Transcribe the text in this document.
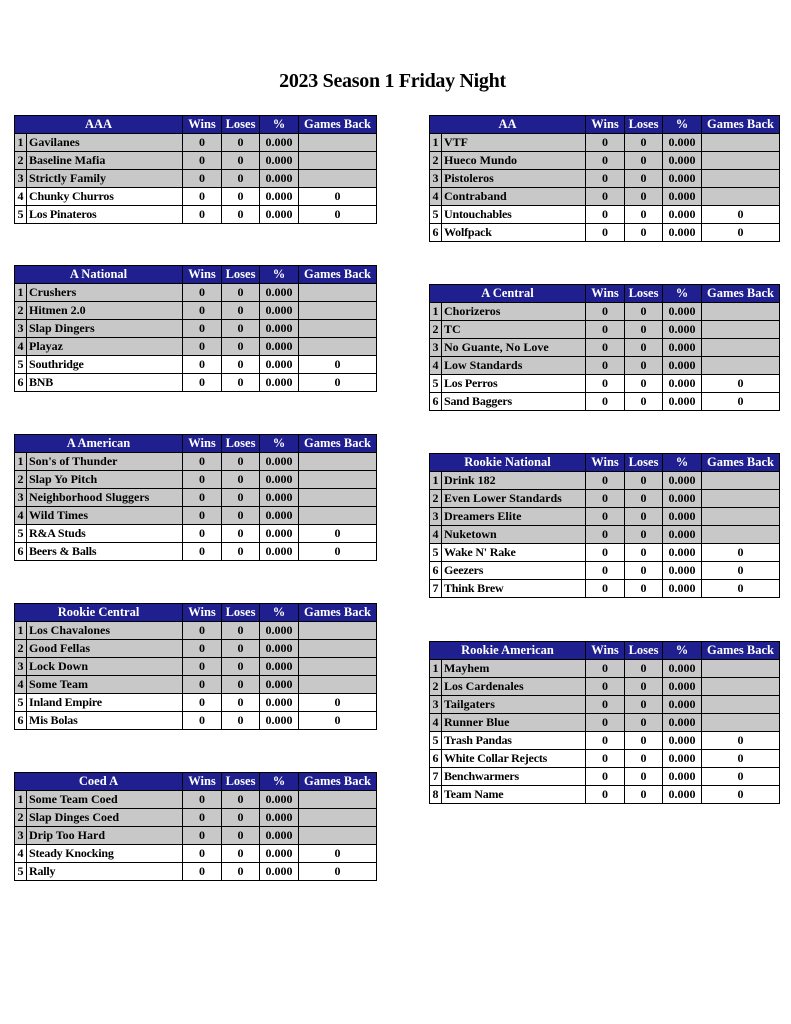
2023 Season 1 Friday Night
AAA		Wins	Loses	%	Games Back
1	Gavilanes	0	0	0.000	
2	Baseline Mafia	0	0	0.000	
3	Strictly Family	0	0	0.000	
4	Chunky Churros	0	0	0.000	0
5	Los Pinateros	0	0	0.000	0
A National		Wins	Loses	%	Games Back
1	Crushers	0	0	0.000	
2	Hitmen 2.0	0	0	0.000	
3	Slap Dingers	0	0	0.000	
4	Playaz	0	0	0.000	
5	Southridge	0	0	0.000	0
6	BNB	0	0	0.000	0
A American		Wins	Loses	%	Games Back
1	Son's of Thunder	0	0	0.000	
2	Slap Yo Pitch	0	0	0.000	
3	Neighborhood Sluggers	0	0	0.000	
4	Wild Times	0	0	0.000	
5	R&A Studs	0	0	0.000	0
6	Beers & Balls	0	0	0.000	0
Rookie Central		Wins	Loses	%	Games Back
1	Los Chavalones	0	0	0.000	
2	Good Fellas	0	0	0.000	
3	Lock Down	0	0	0.000	
4	Some Team	0	0	0.000	
5	Inland Empire	0	0	0.000	0
6	Mis Bolas	0	0	0.000	0
Coed A		Wins	Loses	%	Games Back
1	Some Team Coed	0	0	0.000	
2	Slap Dinges Coed	0	0	0.000	
3	Drip Too Hard	0	0	0.000	
4	Steady Knocking	0	0	0.000	0
5	Rally	0	0	0.000	0
AA		Wins	Loses	%	Games Back
1	VTF	0	0	0.000	
2	Hueco Mundo	0	0	0.000	
3	Pistoleros	0	0	0.000	
4	Contraband	0	0	0.000	
5	Untouchables	0	0	0.000	0
6	Wolfpack	0	0	0.000	0
A Central		Wins	Loses	%	Games Back
1	Chorizeros	0	0	0.000	
2	TC	0	0	0.000	
3	No Guante, No Love	0	0	0.000	
4	Low Standards	0	0	0.000	
5	Los Perros	0	0	0.000	0
6	Sand Baggers	0	0	0.000	0
Rookie National		Wins	Loses	%	Games Back
1	Drink 182	0	0	0.000	
2	Even Lower Standards	0	0	0.000	
3	Dreamers Elite	0	0	0.000	
4	Nuketown	0	0	0.000	
5	Wake N' Rake	0	0	0.000	0
6	Geezers	0	0	0.000	0
7	Think Brew	0	0	0.000	0
Rookie American		Wins	Loses	%	Games Back
1	Mayhem	0	0	0.000	
2	Los Cardenales	0	0	0.000	
3	Tailgaters	0	0	0.000	
4	Runner Blue	0	0	0.000	
5	Trash Pandas	0	0	0.000	0
6	White Collar Rejects	0	0	0.000	0
7	Benchwarmers	0	0	0.000	0
8	Team Name	0	0	0.000	0
